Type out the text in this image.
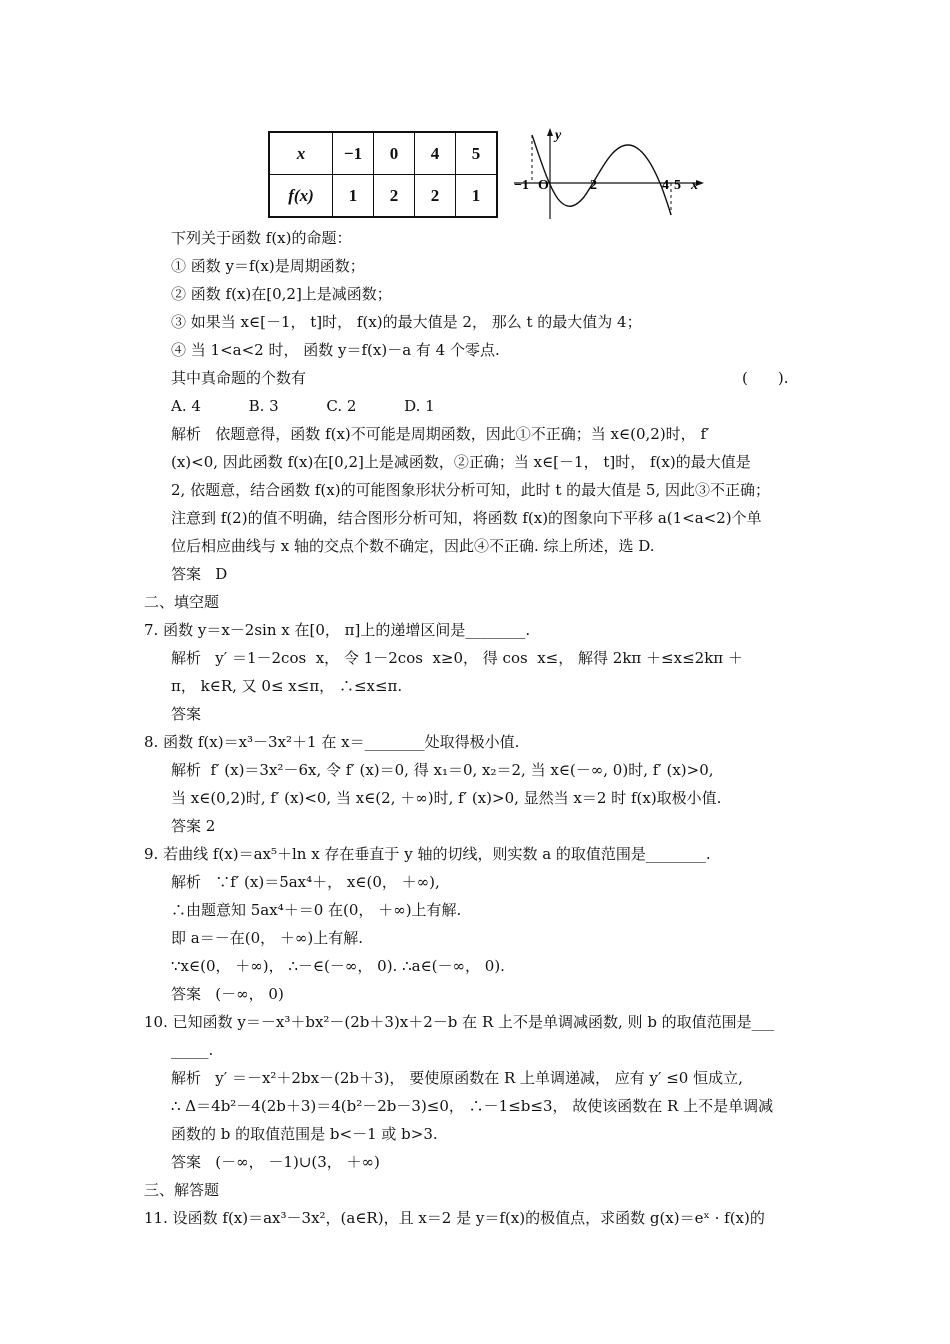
x	−1	0	4	5
f(x)	1	2	2	1
y
x
−1 O	2	4 5
下列关于函数 f(x)的命题：
① 函数 y＝f(x)是周期函数；
② 函数 f(x)在[0,2]上是减函数；
③ 如果当 x∈[－1， t]时， f(x)的最大值是 2， 那么 t 的最大值为 4；
④ 当 1<a<2 时， 函数 y＝f(x)－a 有 4 个零点.
其中真命题的个数有	(　　).
A. 4          B. 3          C. 2          D. 1
解析   依题意得，函数 f(x)不可能是周期函数，因此①不正确；当 x∈(0,2)时， f′
(x)<0, 因此函数 f(x)在[0,2]上是减函数，②正确；当 x∈[－1， t]时， f(x)的最大值是
2, 依题意，结合函数 f(x)的可能图象形状分析可知，此时 t 的最大值是 5, 因此③不正确；
注意到 f(2)的值不明确，结合图形分析可知，将函数 f(x)的图象向下平移 a(1<a<2)个单
位后相应曲线与 x 轴的交点个数不确定，因此④不正确. 综上所述，选 D.
答案   D
二、填空题
7. 函数 y＝x－2sin x 在[0， π]上的递增区间是________.
解析   y′ ＝1－2cos  x， 令 1－2cos  x≥0， 得 cos  x≤， 解得 2kπ ＋≤x≤2kπ ＋
π， k∈R, 又 0≤ x≤π， ∴≤x≤π.
答案
8. 函数 f(x)＝x³－3x²＋1 在 x＝________处取得极小值.
解析  f′ (x)＝3x²－6x, 令 f′ (x)＝0, 得 x₁＝0, x₂＝2, 当 x∈(－∞, 0)时, f′ (x)>0,
当 x∈(0,2)时, f′ (x)<0, 当 x∈(2, ＋∞)时, f′ (x)>0, 显然当 x＝2 时 f(x)取极小值.
答案 2
9. 若曲线 f(x)＝ax⁵＋ln x 存在垂直于 y 轴的切线，则实数 a 的取值范围是________.
解析   ∵f′ (x)＝5ax⁴＋， x∈(0， ＋∞),
∴由题意知 5ax⁴＋＝0 在(0， ＋∞)上有解.
即 a＝－在(0， ＋∞)上有解.
∵x∈(0， ＋∞)， ∴－∈(－∞， 0). ∴a∈(－∞， 0).
答案   (－∞， 0)
10. 已知函数 y＝－x³＋bx²－(2b＋3)x＋2－b 在 R 上不是单调减函数, 则 b 的取值范围是___
_____.
解析   y′ ＝－x²＋2bx－(2b＋3)， 要使原函数在 R 上单调递减， 应有 y′ ≤0 恒成立,
∴ Δ＝4b²－4(2b＋3)＝4(b²－2b－3)≤0， ∴－1≤b≤3， 故使该函数在 R 上不是单调减
函数的 b 的取值范围是 b<－1 或 b>3.
答案   (－∞， －1)∪(3， ＋∞)
三、解答题
11. 设函数 f(x)＝ax³－3x²，(a∈R)，且 x＝2 是 y＝f(x)的极值点，求函数 g(x)＝eˣ · f(x)的
